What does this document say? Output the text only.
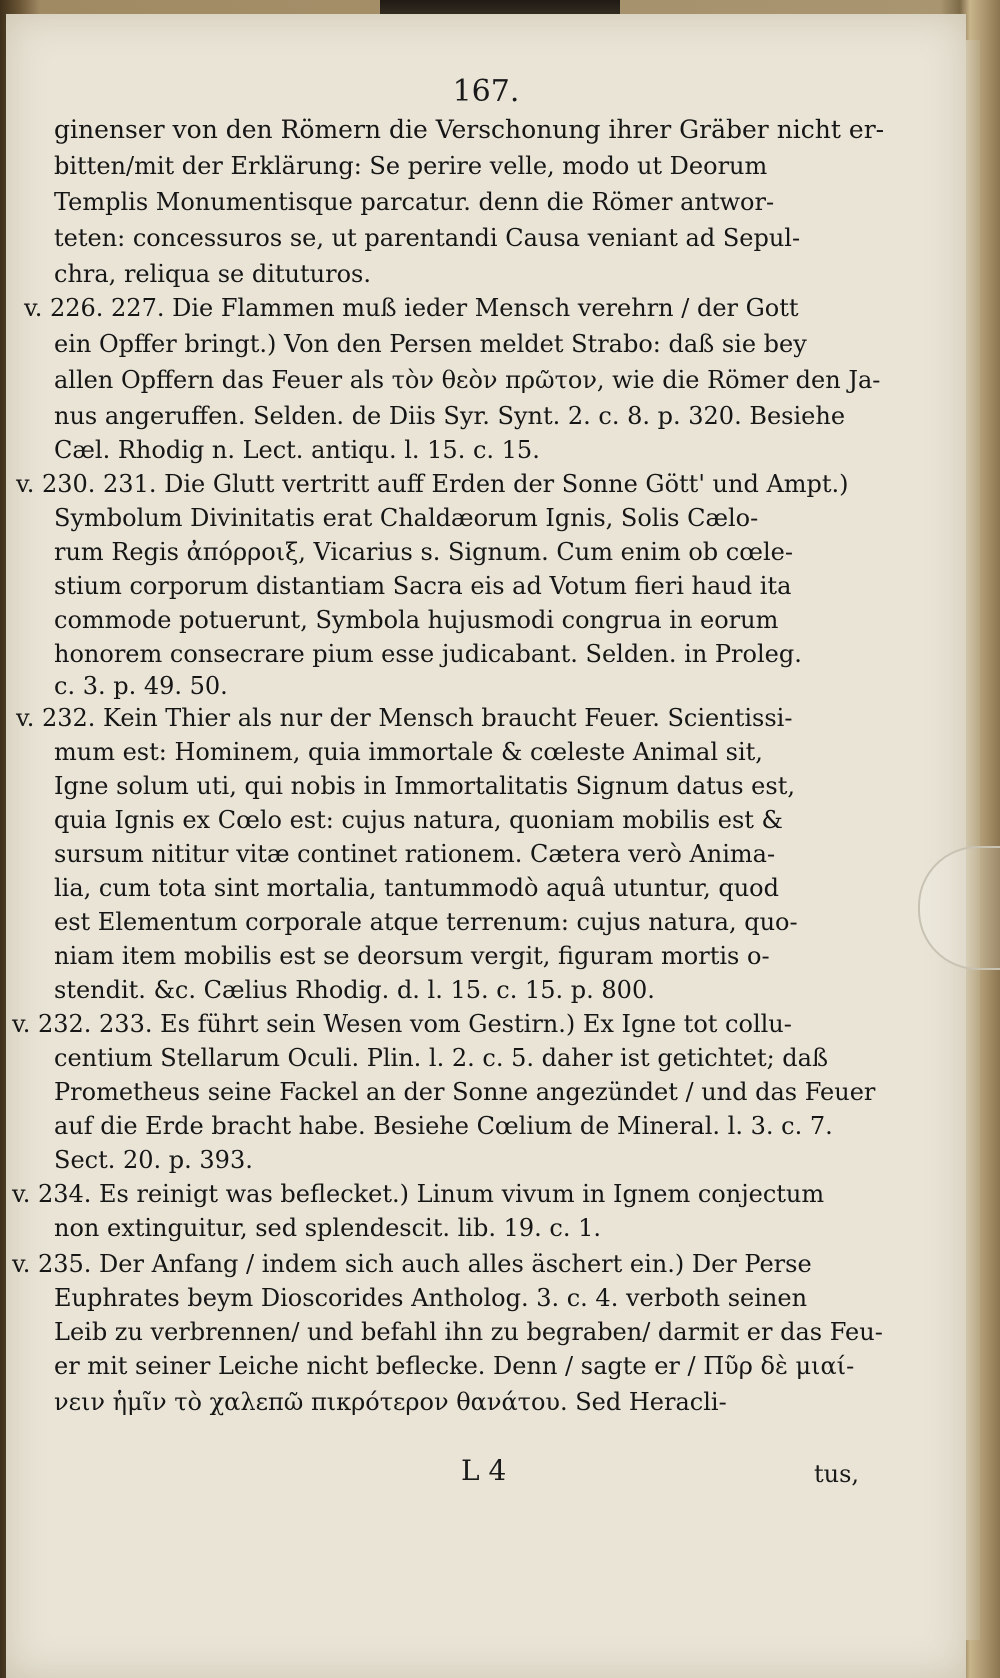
167.
ginenser von den Römern die Verschonung ihrer Gräber nicht er-
bitten/mit der Erklärung: Se perire velle, modo ut Deorum
Templis Monumentisque parcatur. denn die Römer antwor-
teten: concessuros se, ut parentandi Causa veniant ad Sepul-
chra, reliqua se dituturos.
v. 226. 227. Die Flammen muß ieder Mensch verehrn / der Gott
ein Opffer bringt.) Von den Persen meldet Strabo: daß sie bey
allen Opffern das Feuer als τὸν θεὸν πρῶτον, wie die Römer den Ja-
nus angeruffen. Selden. de Diis Syr. Synt. 2. c. 8. p. 320. Besiehe
Cæl. Rhodig n. Lect. antiqu. l. 15. c. 15.
v. 230. 231. Die Glutt vertritt auff Erden der Sonne Gött' und Ampt.)
Symbolum Divinitatis erat Chaldæorum Ignis, Solis Cælo-
rum Regis ἀπόρροιξ, Vicarius s. Signum. Cum enim ob cœle-
stium corporum distantiam Sacra eis ad Votum fieri haud ita
commode potuerunt, Symbola hujusmodi congrua in eorum
honorem consecrare pium esse judicabant. Selden. in Proleg.
c. 3. p. 49. 50.
v. 232. Kein Thier als nur der Mensch braucht Feuer. Scientissi-
mum est: Hominem, quia immortale & cœleste Animal sit,
Igne solum uti, qui nobis in Immortalitatis Signum datus est,
quia Ignis ex Cœlo est: cujus natura, quoniam mobilis est &
sursum nititur vitæ continet rationem. Cætera verò Anima-
lia, cum tota sint mortalia, tantummodò aquâ utuntur, quod
est Elementum corporale atque terrenum: cujus natura, quo-
niam item mobilis est se deorsum vergit, figuram mortis o-
stendit. &c. Cælius Rhodig. d. l. 15. c. 15. p. 800.
v. 232. 233. Es führt sein Wesen vom Gestirn.) Ex Igne tot collu-
centium Stellarum Oculi. Plin. l. 2. c. 5. daher ist getichtet; daß
Prometheus seine Fackel an der Sonne angezündet / und das Feuer
auf die Erde bracht habe. Besiehe Cœlium de Mineral. l. 3. c. 7.
Sect. 20. p. 393.
v. 234. Es reinigt was beflecket.) Linum vivum in Ignem conjectum
non extinguitur, sed splendescit. lib. 19. c. 1.
v. 235. Der Anfang / indem sich auch alles äschert ein.) Der Perse
Euphrates beym Dioscorides Antholog. 3. c. 4. verboth seinen
Leib zu verbrennen/ und befahl ihn zu begraben/ darmit er das Feu-
er mit seiner Leiche nicht beflecke. Denn / sagte er / Πῦρ δὲ μιαί-
νειν ἡμῖν τὸ χαλεπῶ πικρότερον θανάτου. Sed Heracli-
L 4	tus,
